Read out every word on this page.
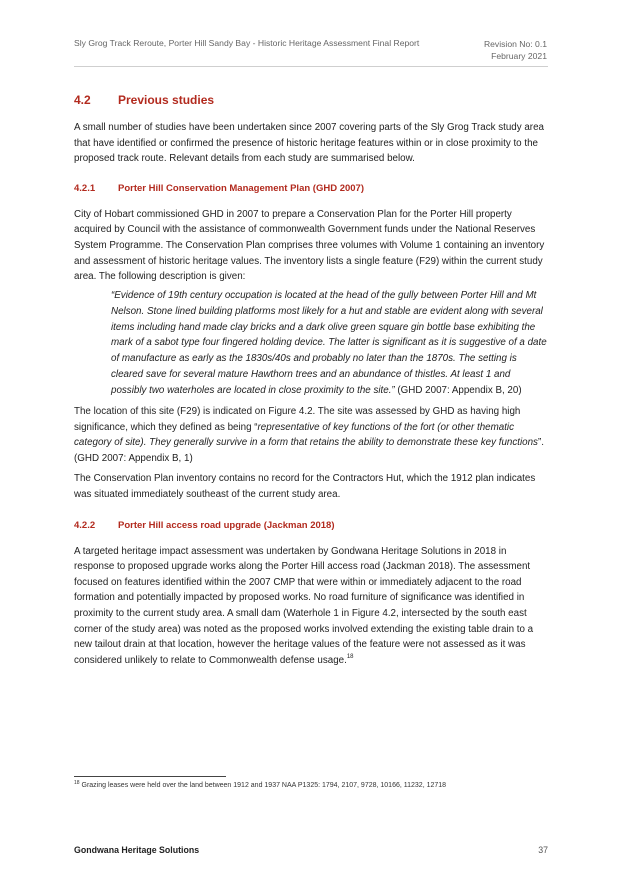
Sly Grog Track Reroute, Porter Hill Sandy Bay - Historic Heritage Assessment Final Report	Revision No: 0.1
February 2021
4.2	Previous studies

A small number of studies have been undertaken since 2007 covering parts of the Sly Grog Track study area that have identified or confirmed the presence of historic heritage features within or in close proximity to the proposed track route. Relevant details from each study are summarised below.

4.2.1	Porter Hill Conservation Management Plan (GHD 2007)

City of Hobart commissioned GHD in 2007 to prepare a Conservation Plan for the Porter Hill property acquired by Council with the assistance of commonwealth Government funds under the National Reserves System Programme. The Conservation Plan comprises three volumes with Volume 1 containing an inventory and assessment of historic heritage values. The inventory lists a single feature (F29) within the current study area. The following description is given:

“Evidence of 19th century occupation is located at the head of the gully between Porter Hill and Mt Nelson. Stone lined building platforms most likely for a hut and stable are evident along with several items including hand made clay bricks and a dark olive green square gin bottle base exhibiting the mark of a sabot type four fingered holding device. The latter is significant as it is suggestive of a date of manufacture as early as the 1830s/40s and probably no later than the 1870s. The setting is cleared save for several mature Hawthorn trees and an abundance of thistles. At least 1 and possibly two waterholes are located in close proximity to the site.” (GHD 2007: Appendix B, 20)

The location of this site (F29) is indicated on Figure 4.2. The site was assessed by GHD as having high significance, which they defined as being “representative of key functions of the fort (or other thematic category of site). They generally survive in a form that retains the ability to demonstrate these key functions”. (GHD 2007: Appendix B, 1)

The Conservation Plan inventory contains no record for the Contractors Hut, which the 1912 plan indicates was situated immediately southeast of the current study area.

4.2.2	Porter Hill access road upgrade (Jackman 2018)

A targeted heritage impact assessment was undertaken by Gondwana Heritage Solutions in 2018 in response to proposed upgrade works along the Porter Hill access road (Jackman 2018). The assessment focused on features identified within the 2007 CMP that were within or immediately adjacent to the road formation and potentially impacted by proposed works. No road furniture of significance was identified in proximity to the current study area. A small dam (Waterhole 1 in Figure 4.2, intersected by the south east corner of the study area) was noted as the proposed works involved extending the existing table drain to a new tailout drain at that location, however the heritage values of the feature were not assessed as it was considered unlikely to relate to Commonwealth defense usage.$^{18}$

$^{18}$ Grazing leases were held over the land between 1912 and 1937 NAA P1325: 1794, 2107, 9728, 10166, 11232, 12718
Gondwana Heritage Solutions	37
